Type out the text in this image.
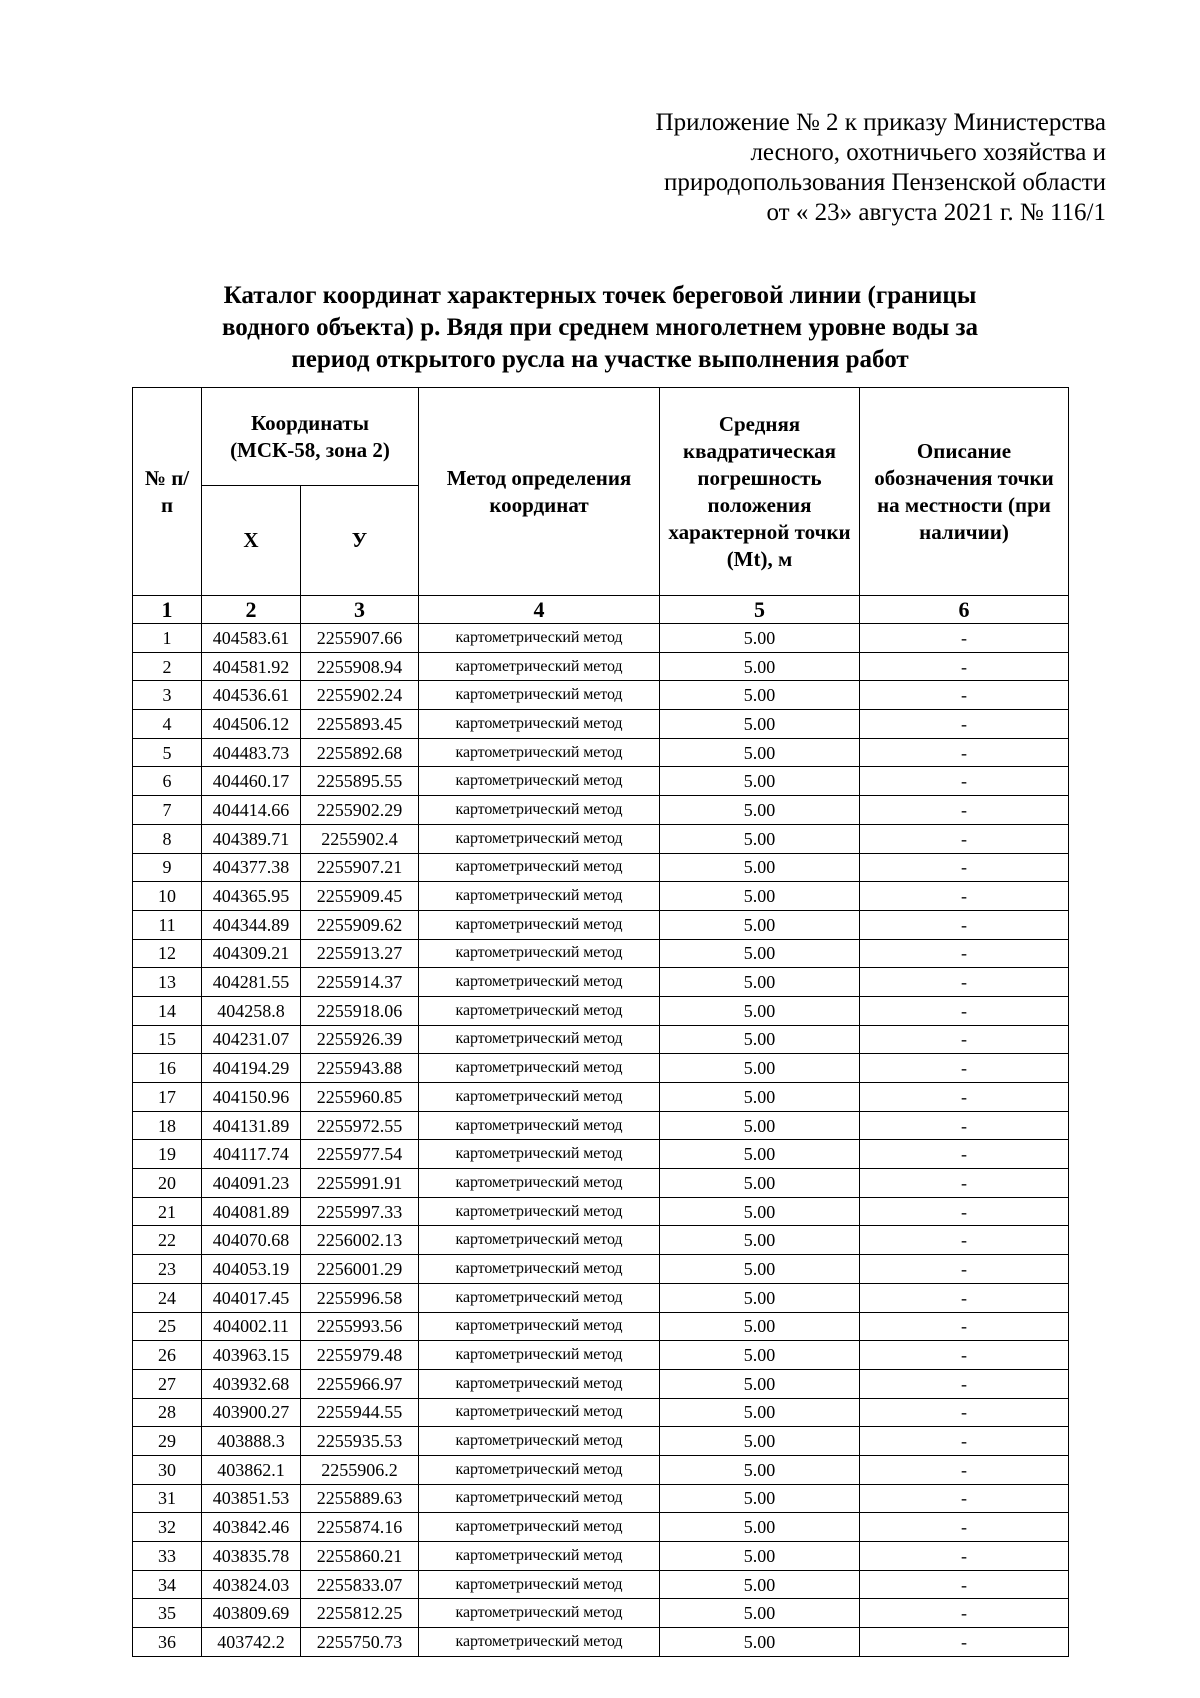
Приложение № 2 к приказу Министерства
лесного, охотничьего хозяйства и
природопользования Пензенской области
от « 23» августа 2021 г. № 116/1
Каталог координат характерных точек береговой линии (границы
водного объекта) р. Вядя при среднем многолетнем уровне воды за
период открытого русла на участке выполнения работ
№ п/п	Координаты (МСК-58, зона 2)		Метод определения координат	Средняя квадратическая погрешность положения характерной точки (Mt), м	Описание обозначения точки на местности (при наличии)
	Х	У			
1	2	3	4	5	6
1	404583.61	2255907.66	картометрический метод	5.00	-
2	404581.92	2255908.94	картометрический метод	5.00	-
3	404536.61	2255902.24	картометрический метод	5.00	-
4	404506.12	2255893.45	картометрический метод	5.00	-
5	404483.73	2255892.68	картометрический метод	5.00	-
6	404460.17	2255895.55	картометрический метод	5.00	-
7	404414.66	2255902.29	картометрический метод	5.00	-
8	404389.71	2255902.4	картометрический метод	5.00	-
9	404377.38	2255907.21	картометрический метод	5.00	-
10	404365.95	2255909.45	картометрический метод	5.00	-
11	404344.89	2255909.62	картометрический метод	5.00	-
12	404309.21	2255913.27	картометрический метод	5.00	-
13	404281.55	2255914.37	картометрический метод	5.00	-
14	404258.8	2255918.06	картометрический метод	5.00	-
15	404231.07	2255926.39	картометрический метод	5.00	-
16	404194.29	2255943.88	картометрический метод	5.00	-
17	404150.96	2255960.85	картометрический метод	5.00	-
18	404131.89	2255972.55	картометрический метод	5.00	-
19	404117.74	2255977.54	картометрический метод	5.00	-
20	404091.23	2255991.91	картометрический метод	5.00	-
21	404081.89	2255997.33	картометрический метод	5.00	-
22	404070.68	2256002.13	картометрический метод	5.00	-
23	404053.19	2256001.29	картометрический метод	5.00	-
24	404017.45	2255996.58	картометрический метод	5.00	-
25	404002.11	2255993.56	картометрический метод	5.00	-
26	403963.15	2255979.48	картометрический метод	5.00	-
27	403932.68	2255966.97	картометрический метод	5.00	-
28	403900.27	2255944.55	картометрический метод	5.00	-
29	403888.3	2255935.53	картометрический метод	5.00	-
30	403862.1	2255906.2	картометрический метод	5.00	-
31	403851.53	2255889.63	картометрический метод	5.00	-
32	403842.46	2255874.16	картометрический метод	5.00	-
33	403835.78	2255860.21	картометрический метод	5.00	-
34	403824.03	2255833.07	картометрический метод	5.00	-
35	403809.69	2255812.25	картометрический метод	5.00	-
36	403742.2	2255750.73	картометрический метод	5.00	-
